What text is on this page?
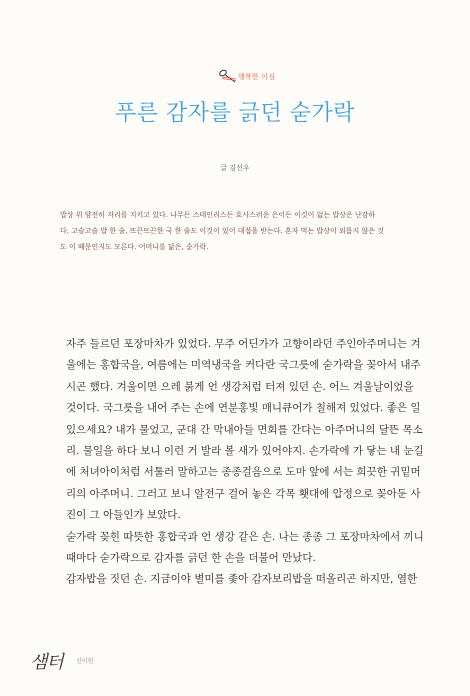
행복한 이심
푸른 감자를 긁던 숟가락
글 김선우

밥상 위 얌전히 자리를 지키고 있다. 나무든 스테인리스든 호사스러운 은이든 이것이 없는 밥상은 난감하
다. 고슬고슬 밥 한 술, 뜨끈뜨끈한 국 한 술도 이것이 있어 대접을 받는다. 혼자 먹는 밥상이 외롭지 않은 것
도 이 때문인지도 모른다. 어머니를 닮은, 숟가락.

자주 들르던 포장마차가 있었다. 무주 어딘가가 고향이라던 주인아주머니는 겨
울에는 홍합국을, 여름에는 미역냉국을 커다란 국그릇에 숟가락을 꽂아서 내주
시곤 했다. 겨울이면 으레 붉게 언 생강처럼 터져 있던 손. 어느 겨울날이었을
것이다. 국그릇을 내어 주는 손에 연분홍빛 매니큐어가 칠해져 있었다. 좋은 일
있으세요? 내가 물었고, 군대 간 막내아들 면회를 간다는 아주머니의 달뜬 목소
리. 물일을 하다 보니 이런 거 발라 볼 새가 있어야지. 손가락에 가 닿는 내 눈길
에 처녀아이처럼 서툴러 말하고는 종종걸음으로 도마 앞에 서는 희끗한 귀밑머
리의 아주머니. 그러고 보니 알전구 걸어 놓은 각목 횃대에 압정으로 꽂아둔 사
진이 그 아들인가 보았다.
숟가락 꽂힌 따뜻한 홍합국과 언 생강 같은 손. 나는 종종 그 포장마차에서 끼니
때마다 숟가락으로 감자를 긁던 한 손을 더불어 만났다.
감자밥을 짓던 손. 지금이야 별미를 좇아 감자보리밥을 떠올리곤 하지만, 열한

샘터 신이원
